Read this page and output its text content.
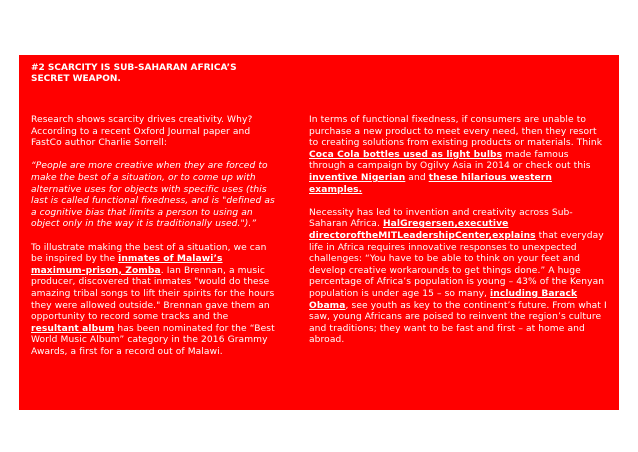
#2 SCARCITY IS SUB-SAHARAN AFRICA’S
SECRET WEAPON.

Research shows scarcity drives creativity. Why? According to a recent Oxford Journal paper and FastCo author Charlie Sorrell:

“People are more creative when they are forced to make the best of a situation, or to come up with alternative uses for objects with specific uses (this last is called functional fixedness, and is "defined as a cognitive bias that limits a person to using an object only in the way it is traditionally used.").”

To illustrate making the best of a situation, we can be inspired by the inmates of Malawi’s maximum-prison, Zomba. Ian Brennan, a music producer, discovered that inmates "would do these amazing tribal songs to lift their spirits for the hours they were allowed outside." Brennan gave them an opportunity to record some tracks and the resultant album has been nominated for the “Best World Music Album” category in the 2016 Grammy Awards, a first for a record out of Malawi.

In terms of functional fixedness, if consumers are unable to purchase a new product to meet every need, then they resort to creating solutions from existing products or materials. Think Coca Cola bottles used as light bulbs made famous through a campaign by Ogilvy Asia in 2014 or check out this inventive Nigerian and these hilarious western examples.

Necessity has led to invention and creativity across Sub-Saharan Africa. HalGregersen,executive directoroftheMITLeadershipCenter,explains that everyday life in Africa requires innovative responses to unexpected challenges: “You have to be able to think on your feet and develop creative workarounds to get things done.” A huge percentage of Africa’s population is young – 43% of the Kenyan population is under age 15 – so many, including Barack Obama, see youth as key to the continent’s future. From what I saw, young Africans are poised to reinvent the region’s culture and traditions; they want to be fast and first – at home and abroad.
